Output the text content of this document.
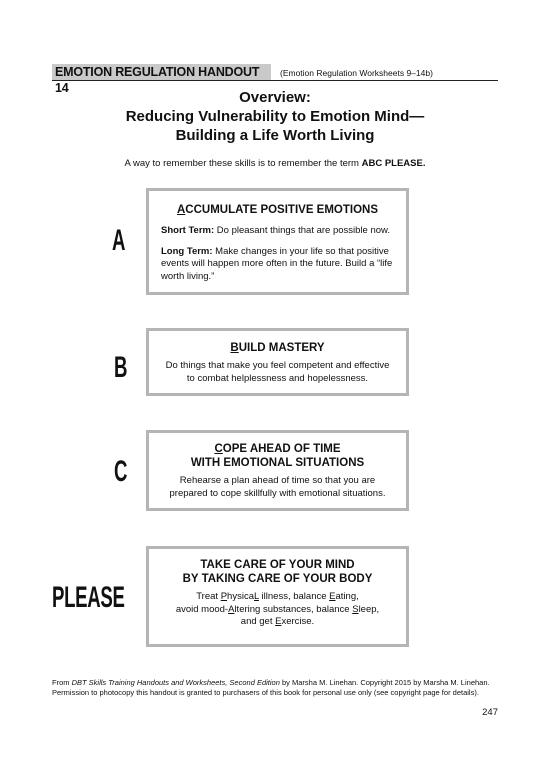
EMOTION REGULATION HANDOUT 14
(Emotion Regulation Worksheets 9–14b)
Overview:
Reducing Vulnerability to Emotion Mind—
Building a Life Worth Living
A way to remember these skills is to remember the term ABC PLEASE.
A
ACCUMULATE POSITIVE EMOTIONS
Short Term: Do pleasant things that are possible now.
Long Term: Make changes in your life so that positive events will happen more often in the future. Build a “life worth living.”
B
BUILD MASTERY
Do things that make you feel competent and effective to combat helplessness and hopelessness.
C
COPE AHEAD OF TIME
WITH EMOTIONAL SITUATIONS
Rehearse a plan ahead of time so that you are prepared to cope skillfully with emotional situations.
PLEASE
TAKE CARE OF YOUR MIND
BY TAKING CARE OF YOUR BODY
Treat PhysicaL illness, balance Eating,
avoid mood-Altering substances, balance Sleep,
and get Exercise.
From DBT Skills Training Handouts and Worksheets, Second Edition by Marsha M. Linehan. Copyright 2015 by Marsha M. Linehan. Permission to photocopy this handout is granted to purchasers of this book for personal use only (see copyright page for details).
247
